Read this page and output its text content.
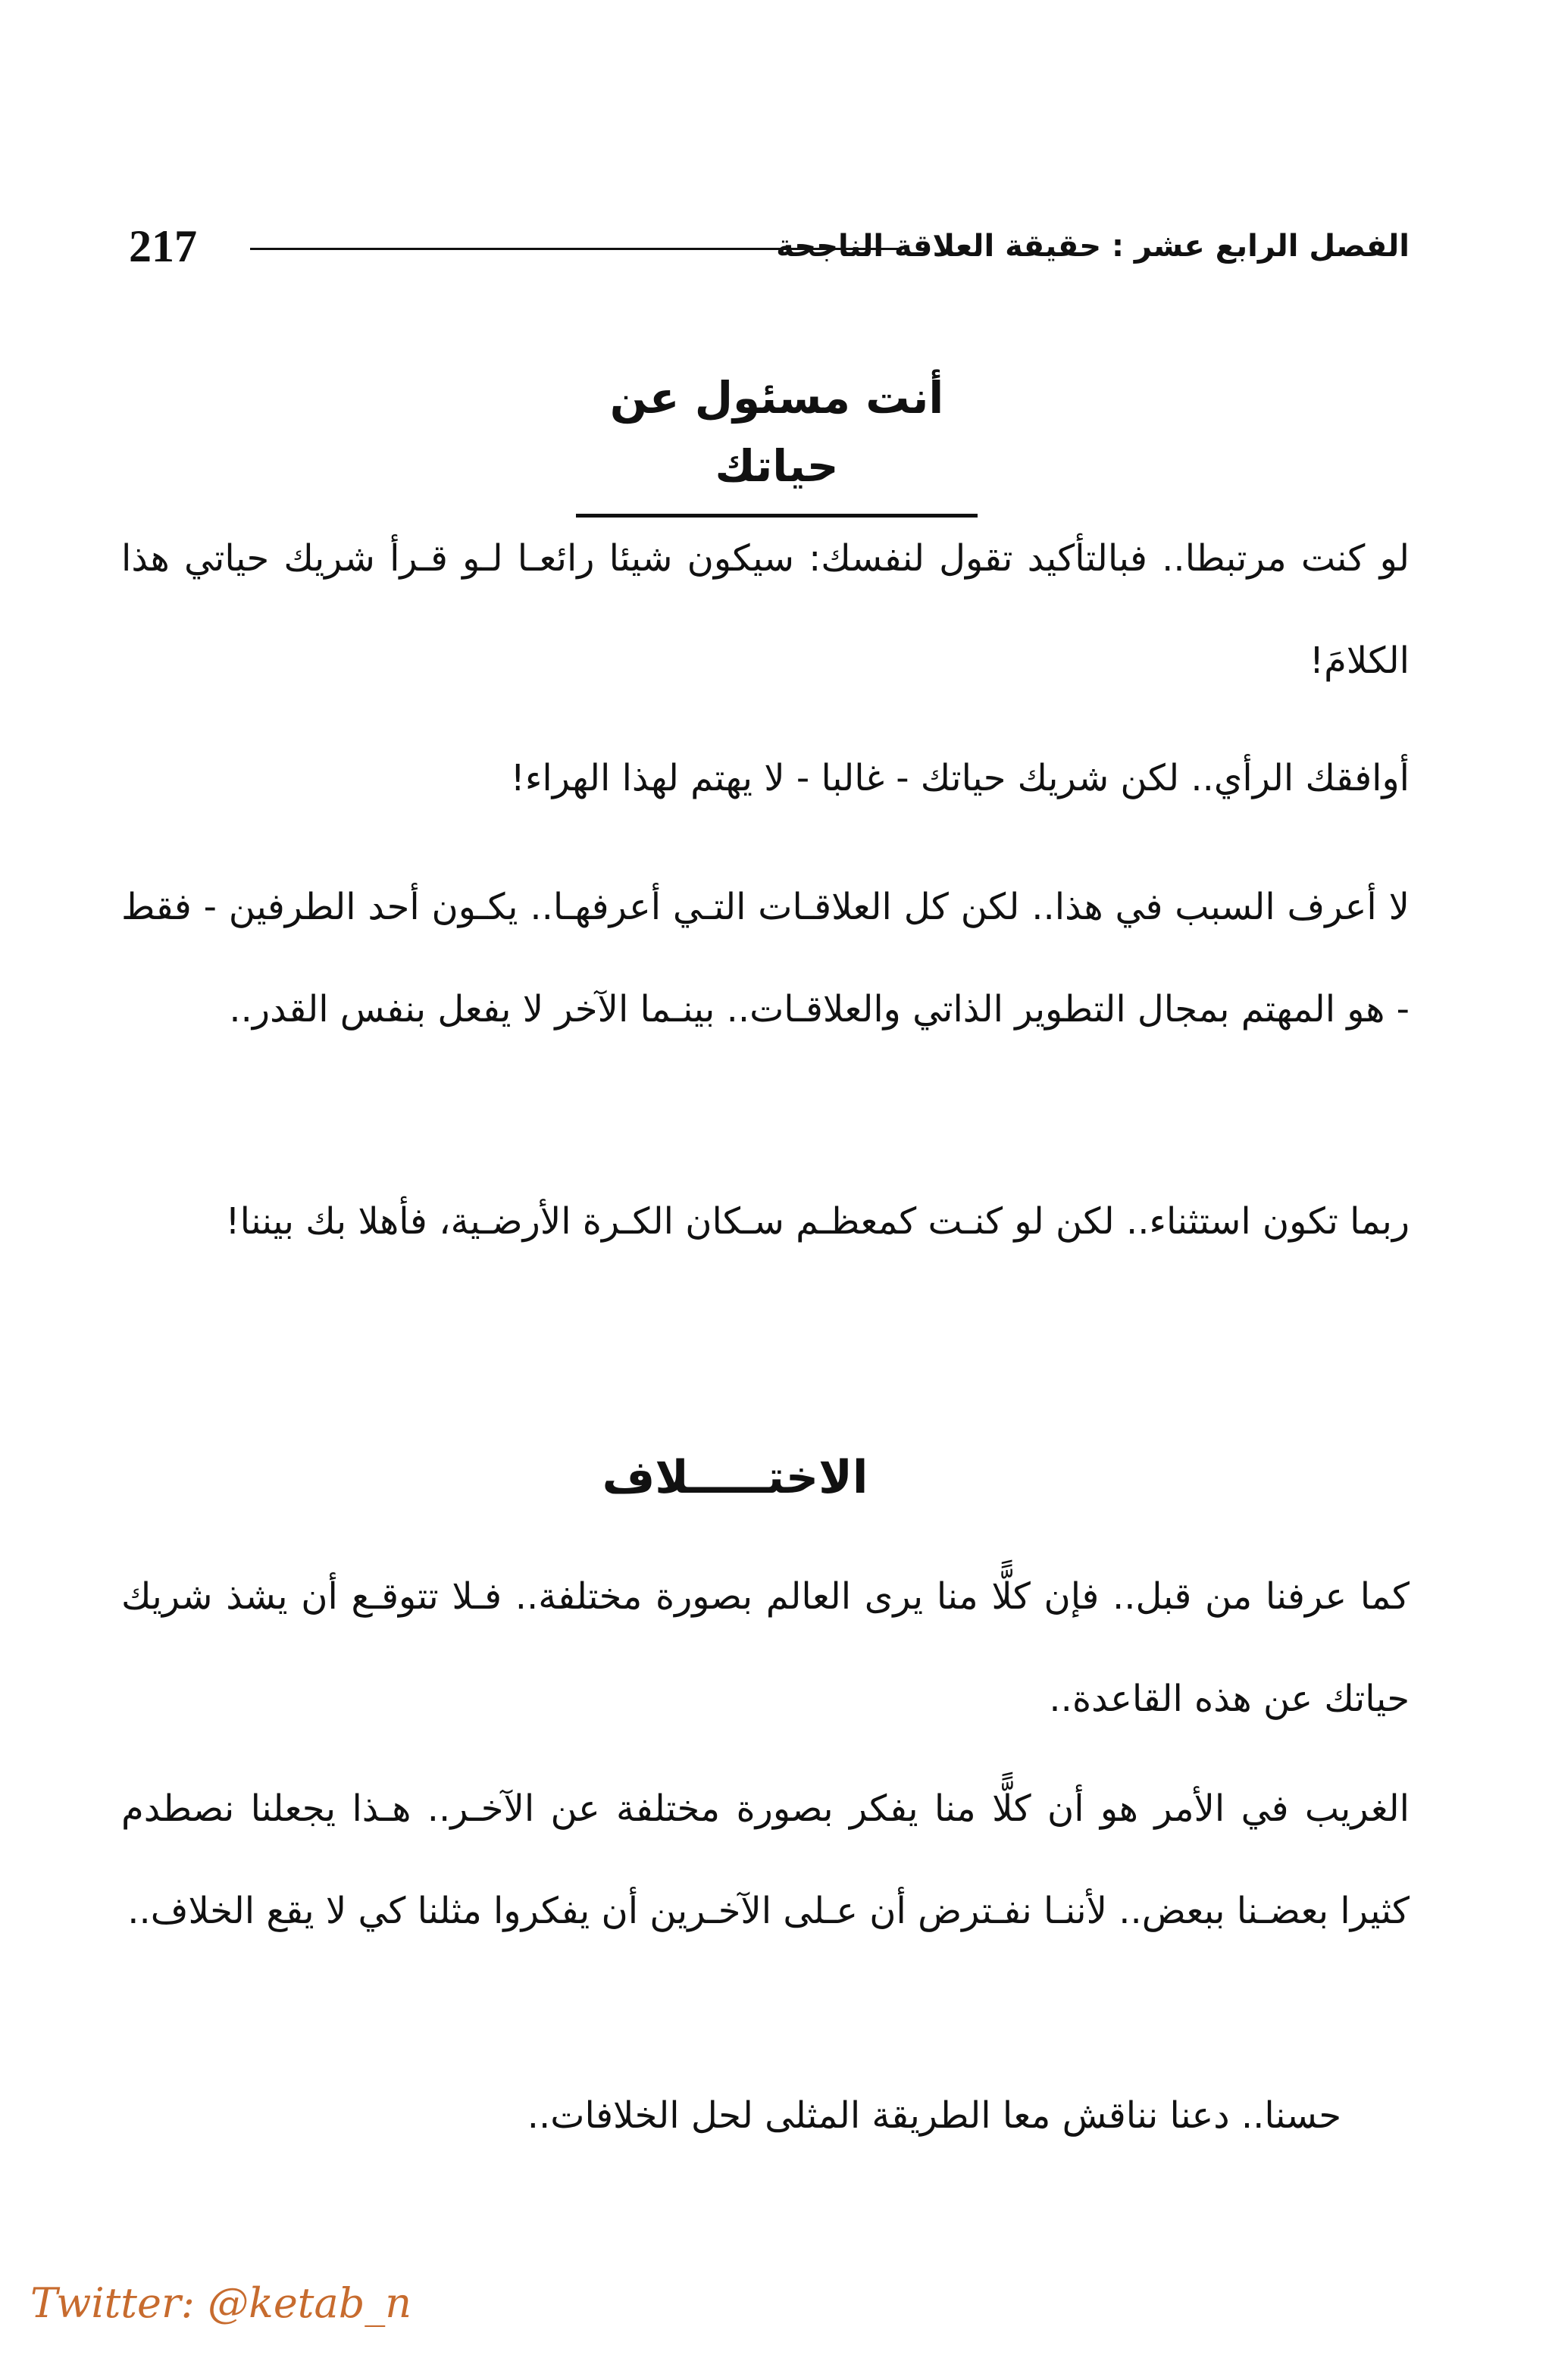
217	الفصل الرابع عشر : حقيقة العلاقة الناجحة
أنت مسئول عن حياتك

لو كنت مرتبطا.. فبالتأكيد تقول لنفسك: سيكون شيئا رائعـا لـو قـرأ شريك حياتي هذا الكلامَ!

أوافقك الرأي.. لكن شريك حياتك - غالبا - لا يهتم لهذا الهراء!

لا أعرف السبب في هذا.. لكن كل العلاقـات التـي أعرفهـا.. يكـون أحد الطرفين - فقط - هو المهتم بمجال التطوير الذاتي والعلاقـات.. بينـما الآخر لا يفعل بنفس القدر..

ربما تكون استثناء.. لكن لو كنـت كمعظـم سـكان الكـرة الأرضـية، فأهلا بك بيننا!

الاختـــــلاف

كما عرفنا من قبل.. فإن كلًّا منا يرى العالم بصورة مختلفة.. فـلا تتوقـع أن يشذ شريك حياتك عن هذه القاعدة..

الغريب في الأمر هو أن كلًّا منا يفكر بصورة مختلفة عن الآخـر.. هـذا يجعلنا نصطدم كثيرا بعضـنا ببعض.. لأننـا نفـترض أن عـلى الآخـرين أن يفكروا مثلنا كي لا يقع الخلاف..

حسنا.. دعنا نناقش معا الطريقة المثلى لحل الخلافات..

Twitter: @ketab_n
